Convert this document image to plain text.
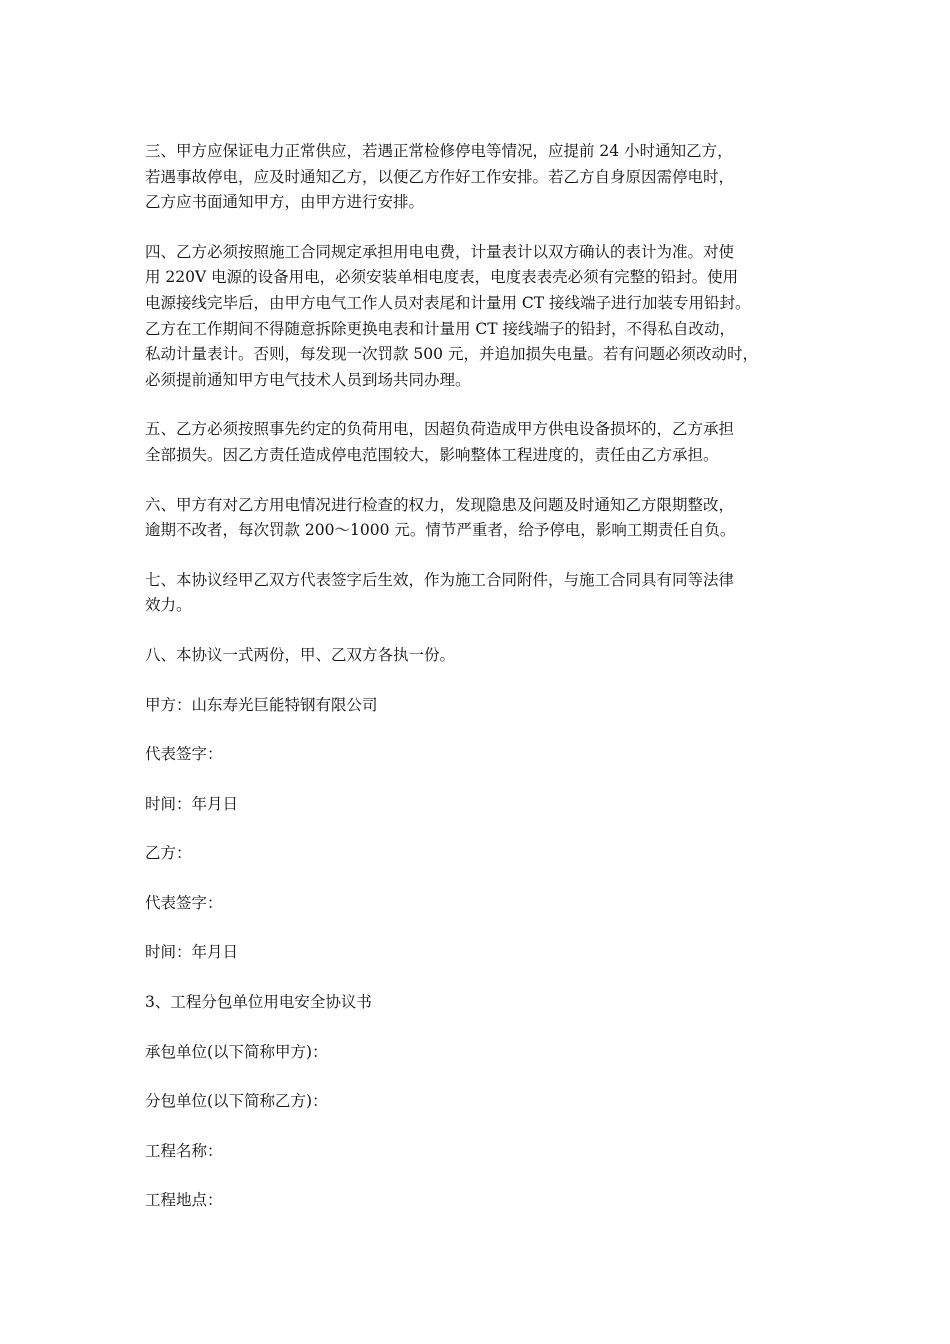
三、甲方应保证电力正常供应，若遇正常检修停电等情况，应提前 24 小时通知乙方，
若遇事故停电，应及时通知乙方，以便乙方作好工作安排。若乙方自身原因需停电时，
乙方应书面通知甲方，由甲方进行安排。
四、乙方必须按照施工合同规定承担用电电费，计量表计以双方确认的表计为准。对使
用 220V 电源的设备用电，必须安装单相电度表，电度表表壳必须有完整的铅封。使用
电源接线完毕后，由甲方电气工作人员对表尾和计量用 CT 接线端子进行加装专用铅封。
乙方在工作期间不得随意拆除更换电表和计量用 CT 接线端子的铅封，不得私自改动，
私动计量表计。否则，每发现一次罚款 500 元，并追加损失电量。若有问题必须改动时，
必须提前通知甲方电气技术人员到场共同办理。
五、乙方必须按照事先约定的负荷用电，因超负荷造成甲方供电设备损坏的，乙方承担
全部损失。因乙方责任造成停电范围较大，影响整体工程进度的，责任由乙方承担。
六、甲方有对乙方用电情况进行检查的权力，发现隐患及问题及时通知乙方限期整改，
逾期不改者，每次罚款 200～1000 元。情节严重者，给予停电，影响工期责任自负。
七、本协议经甲乙双方代表签字后生效，作为施工合同附件，与施工合同具有同等法律
效力。
八、本协议一式两份，甲、乙双方各执一份。
甲方：山东寿光巨能特钢有限公司
代表签字：
时间：年月日
乙方：
代表签字：
时间：年月日
3、工程分包单位用电安全协议书
承包单位(以下简称甲方)：
分包单位(以下简称乙方)：
工程名称：
工程地点：
